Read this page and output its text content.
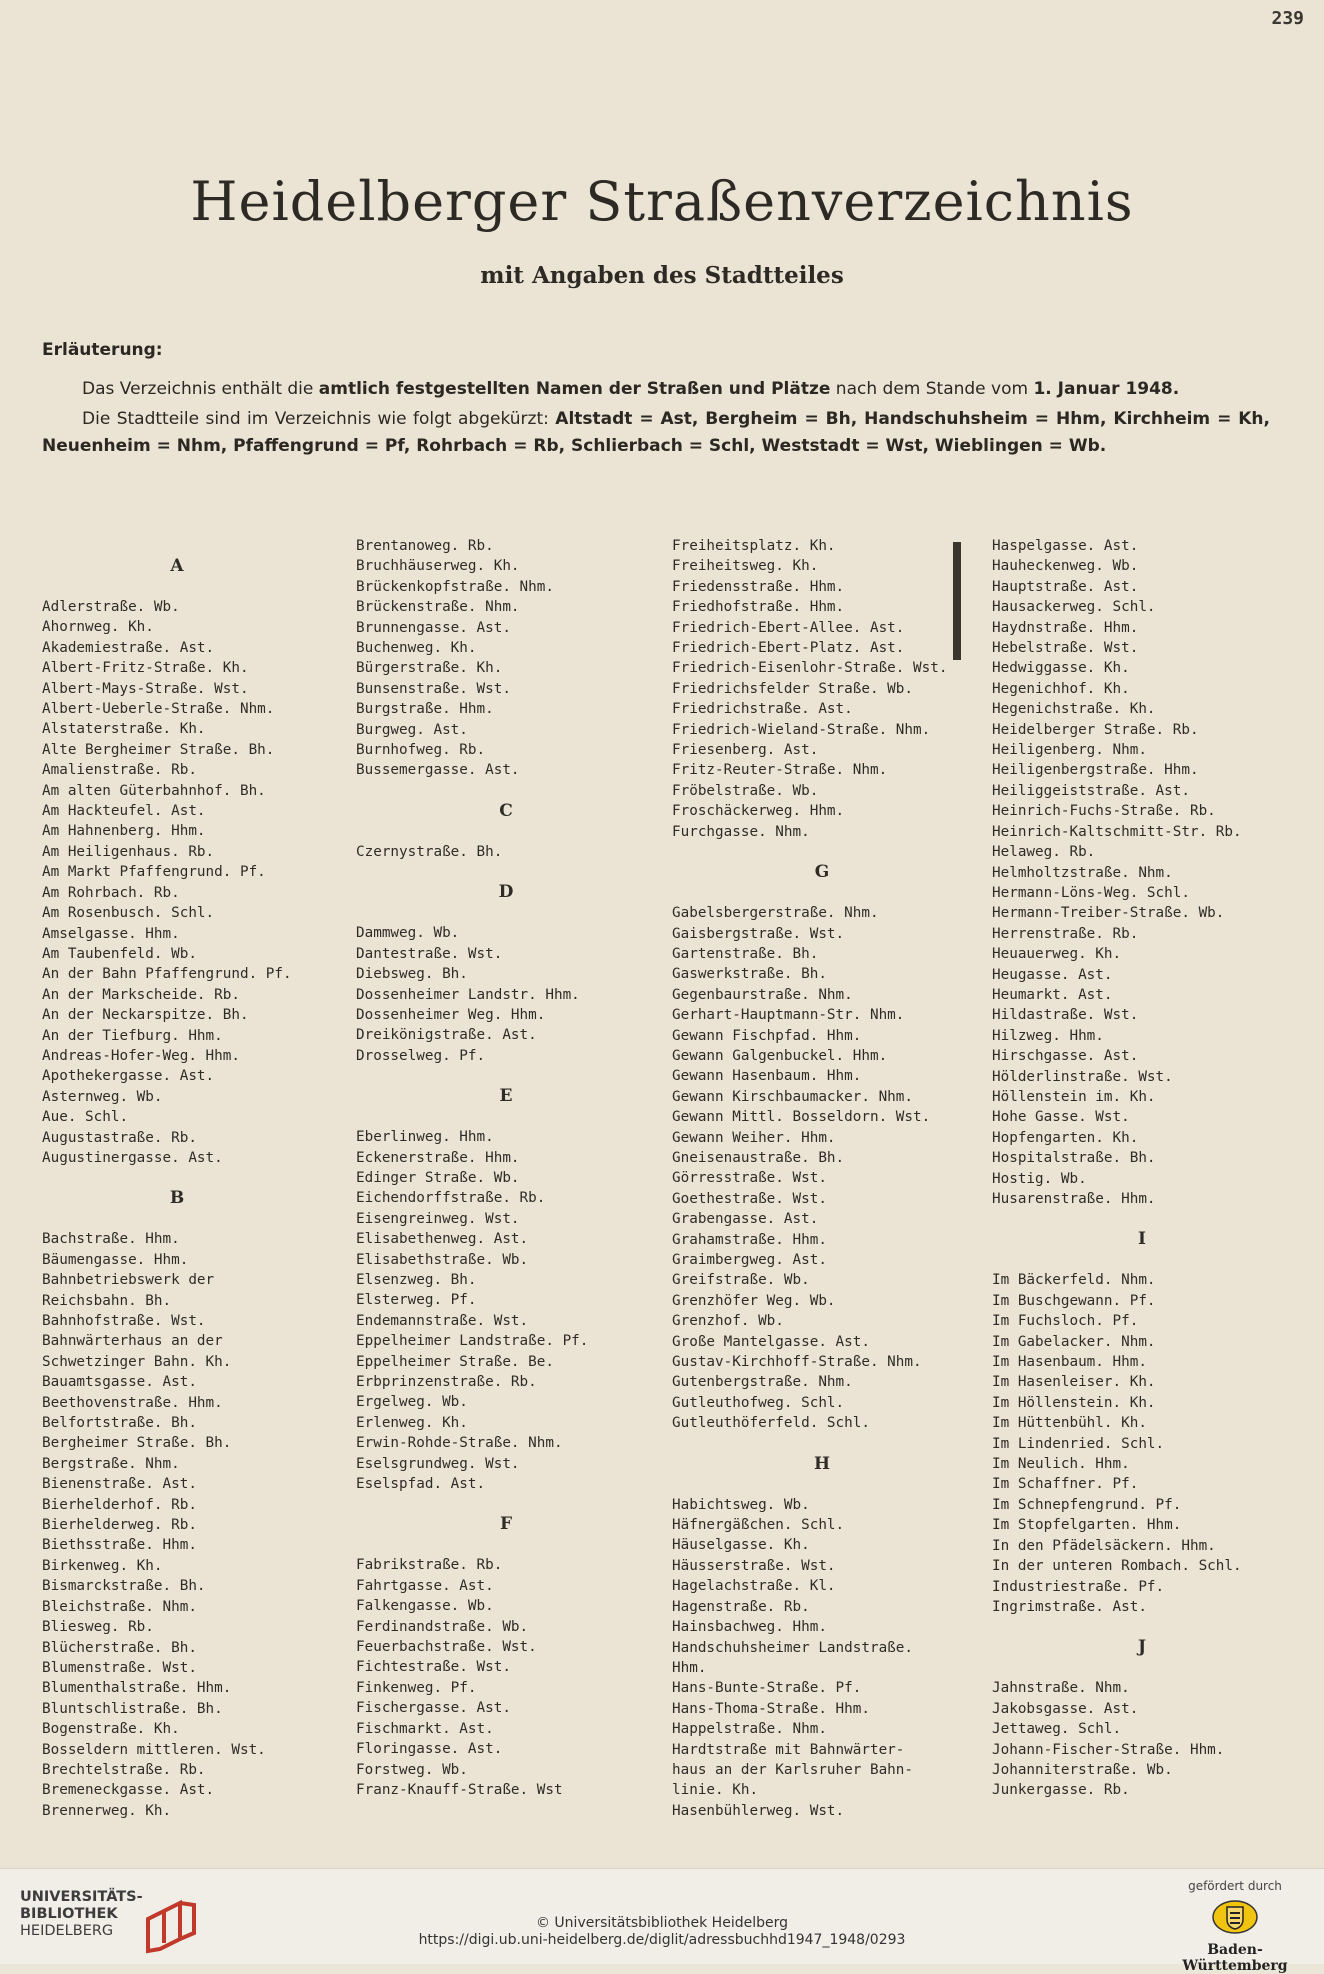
239
Heidelberger Straßenverzeichnis
mit Angaben des Stadtteiles
Erläuterung:

Das Verzeichnis enthält die amtlich festgestellten Namen der Straßen und Plätze nach dem Stande vom 1. Januar 1948.

Die Stadtteile sind im Verzeichnis wie folgt abgekürzt: Altstadt = Ast, Bergheim = Bh, Handschuhsheim = Hhm, Kirchheim = Kh, Neuenheim = Nhm, Pfaffengrund = Pf, Rohrbach = Rb, Schlierbach = Schl, Weststadt = Wst, Wieblingen = Wb.

A
Adlerstraße. Wb.
Ahornweg. Kh.
Akademiestraße. Ast.
Albert-Fritz-Straße. Kh.
Albert-Mays-Straße. Wst.
Albert-Ueberle-Straße. Nhm.
Alstaterstraße. Kh.
Alte Bergheimer Straße. Bh.
Amalienstraße. Rb.
Am alten Güterbahnhof. Bh.
Am Hackteufel. Ast.
Am Hahnenberg. Hhm.
Am Heiligenhaus. Rb.
Am Markt Pfaffengrund. Pf.
Am Rohrbach. Rb.
Am Rosenbusch. Schl.
Amselgasse. Hhm.
Am Taubenfeld. Wb.
An der Bahn Pfaffengrund. Pf.
An der Markscheide. Rb.
An der Neckarspitze. Bh.
An der Tiefburg. Hhm.
Andreas-Hofer-Weg. Hhm.
Apothekergasse. Ast.
Asternweg. Wb.
Aue. Schl.
Augustastraße. Rb.
Augustinergasse. Ast.
B
Bachstraße. Hhm.
Bäumengasse. Hhm.
Bahnbetriebswerk der
Reichsbahn. Bh.
Bahnhofstraße. Wst.
Bahnwärterhaus an der
Schwetzinger Bahn. Kh.
Bauamtsgasse. Ast.
Beethovenstraße. Hhm.
Belfortstraße. Bh.
Bergheimer Straße. Bh.
Bergstraße. Nhm.
Bienenstraße. Ast.
Bierhelderhof. Rb.
Bierhelderweg. Rb.
Biethsstraße. Hhm.
Birkenweg. Kh.
Bismarckstraße. Bh.
Bleichstraße. Nhm.
Bliesweg. Rb.
Blücherstraße. Bh.
Blumenstraße. Wst.
Blumenthalstraße. Hhm.
Bluntschlistraße. Bh.
Bogenstraße. Kh.
Bosseldern mittleren. Wst.
Brechtelstraße. Rb.
Bremeneckgasse. Ast.
Brennerweg. Kh.
Brentanoweg. Rb.
Bruchhäuserweg. Kh.
Brückenkopfstraße. Nhm.
Brückenstraße. Nhm.
Brunnengasse. Ast.
Buchenweg. Kh.
Bürgerstraße. Kh.
Bunsenstraße. Wst.
Burgstraße. Hhm.
Burgweg. Ast.
Burnhofweg. Rb.
Bussemergasse. Ast.
C
Czernystraße. Bh.
D
Dammweg. Wb.
Dantestraße. Wst.
Diebsweg. Bh.
Dossenheimer Landstr. Hhm.
Dossenheimer Weg. Hhm.
Dreikönigstraße. Ast.
Drosselweg. Pf.
E
Eberlinweg. Hhm.
Eckenerstraße. Hhm.
Edinger Straße. Wb.
Eichendorffstraße. Rb.
Eisengreinweg. Wst.
Elisabethenweg. Ast.
Elisabethstraße. Wb.
Elsenzweg. Bh.
Elsterweg. Pf.
Endemannstraße. Wst.
Eppelheimer Landstraße. Pf.
Eppelheimer Straße. Be.
Erbprinzenstraße. Rb.
Ergelweg. Wb.
Erlenweg. Kh.
Erwin-Rohde-Straße. Nhm.
Eselsgrundweg. Wst.
Eselspfad. Ast.
F
Fabrikstraße. Rb.
Fahrtgasse. Ast.
Falkengasse. Wb.
Ferdinandstraße. Wb.
Feuerbachstraße. Wst.
Fichtestraße. Wst.
Finkenweg. Pf.
Fischergasse. Ast.
Fischmarkt. Ast.
Floringasse. Ast.
Forstweg. Wb.
Franz-Knauff-Straße. Wst
Freiheitsplatz. Kh.
Freiheitsweg. Kh.
Friedensstraße. Hhm.
Friedhofstraße. Hhm.
Friedrich-Ebert-Allee. Ast.
Friedrich-Ebert-Platz. Ast.
Friedrich-Eisenlohr-Straße. Wst.
Friedrichsfelder Straße. Wb.
Friedrichstraße. Ast.
Friedrich-Wieland-Straße. Nhm.
Friesenberg. Ast.
Fritz-Reuter-Straße. Nhm.
Fröbelstraße. Wb.
Froschäckerweg. Hhm.
Furchgasse. Nhm.
G
Gabelsbergerstraße. Nhm.
Gaisbergstraße. Wst.
Gartenstraße. Bh.
Gaswerkstraße. Bh.
Gegenbaurstraße. Nhm.
Gerhart-Hauptmann-Str. Nhm.
Gewann Fischpfad. Hhm.
Gewann Galgenbuckel. Hhm.
Gewann Hasenbaum. Hhm.
Gewann Kirschbaumacker. Nhm.
Gewann Mittl. Bosseldorn. Wst.
Gewann Weiher. Hhm.
Gneisenaustraße. Bh.
Görresstraße. Wst.
Goethestraße. Wst.
Grabengasse. Ast.
Grahamstraße. Hhm.
Graimbergweg. Ast.
Greifstraße. Wb.
Grenzhöfer Weg. Wb.
Grenzhof. Wb.
Große Mantelgasse. Ast.
Gustav-Kirchhoff-Straße. Nhm.
Gutenbergstraße. Nhm.
Gutleuthofweg. Schl.
Gutleuthöferfeld. Schl.
H
Habichtsweg. Wb.
Häfnergäßchen. Schl.
Häuselgasse. Kh.
Häusserstraße. Wst.
Hagelachstraße. Kl.
Hagenstraße. Rb.
Hainsbachweg. Hhm.
Handschuhsheimer Landstraße.
Hhm.
Hans-Bunte-Straße. Pf.
Hans-Thoma-Straße. Hhm.
Happelstraße. Nhm.
Hardtstraße mit Bahnwärter-
haus an der Karlsruher Bahn-
linie. Kh.
Hasenbühlerweg. Wst.
Haspelgasse. Ast.
Hauheckenweg. Wb.
Hauptstraße. Ast.
Hausackerweg. Schl.
Haydnstraße. Hhm.
Hebelstraße. Wst.
Hedwiggasse. Kh.
Hegenichhof. Kh.
Hegenichstraße. Kh.
Heidelberger Straße. Rb.
Heiligenberg. Nhm.
Heiligenbergstraße. Hhm.
Heiliggeiststraße. Ast.
Heinrich-Fuchs-Straße. Rb.
Heinrich-Kaltschmitt-Str. Rb.
Helaweg. Rb.
Helmholtzstraße. Nhm.
Hermann-Löns-Weg. Schl.
Hermann-Treiber-Straße. Wb.
Herrenstraße. Rb.
Heuauerweg. Kh.
Heugasse. Ast.
Heumarkt. Ast.
Hildastraße. Wst.
Hilzweg. Hhm.
Hirschgasse. Ast.
Hölderlinstraße. Wst.
Höllenstein im. Kh.
Hohe Gasse. Wst.
Hopfengarten. Kh.
Hospitalstraße. Bh.
Hostig. Wb.
Husarenstraße. Hhm.
I
Im Bäckerfeld. Nhm.
Im Buschgewann. Pf.
Im Fuchsloch. Pf.
Im Gabelacker. Nhm.
Im Hasenbaum. Hhm.
Im Hasenleiser. Kh.
Im Höllenstein. Kh.
Im Hüttenbühl. Kh.
Im Lindenried. Schl.
Im Neulich. Hhm.
Im Schaffner. Pf.
Im Schnepfengrund. Pf.
Im Stopfelgarten. Hhm.
In den Pfädelsäckern. Hhm.
In der unteren Rombach. Schl.
Industriestraße. Pf.
Ingrimstraße. Ast.
J
Jahnstraße. Nhm.
Jakobsgasse. Ast.
Jettaweg. Schl.
Johann-Fischer-Straße. Hhm.
Johanniterstraße. Wb.
Junkergasse. Rb.
UNIVERSITÄTS-
BIBLIOTHEK
HEIDELBERG	© Universitätsbibliothek Heidelberg
https://digi.ub.uni-heidelberg.de/diglit/adressbuchhd1947_1948/0293
gefördert durch
Baden-Württemberg
